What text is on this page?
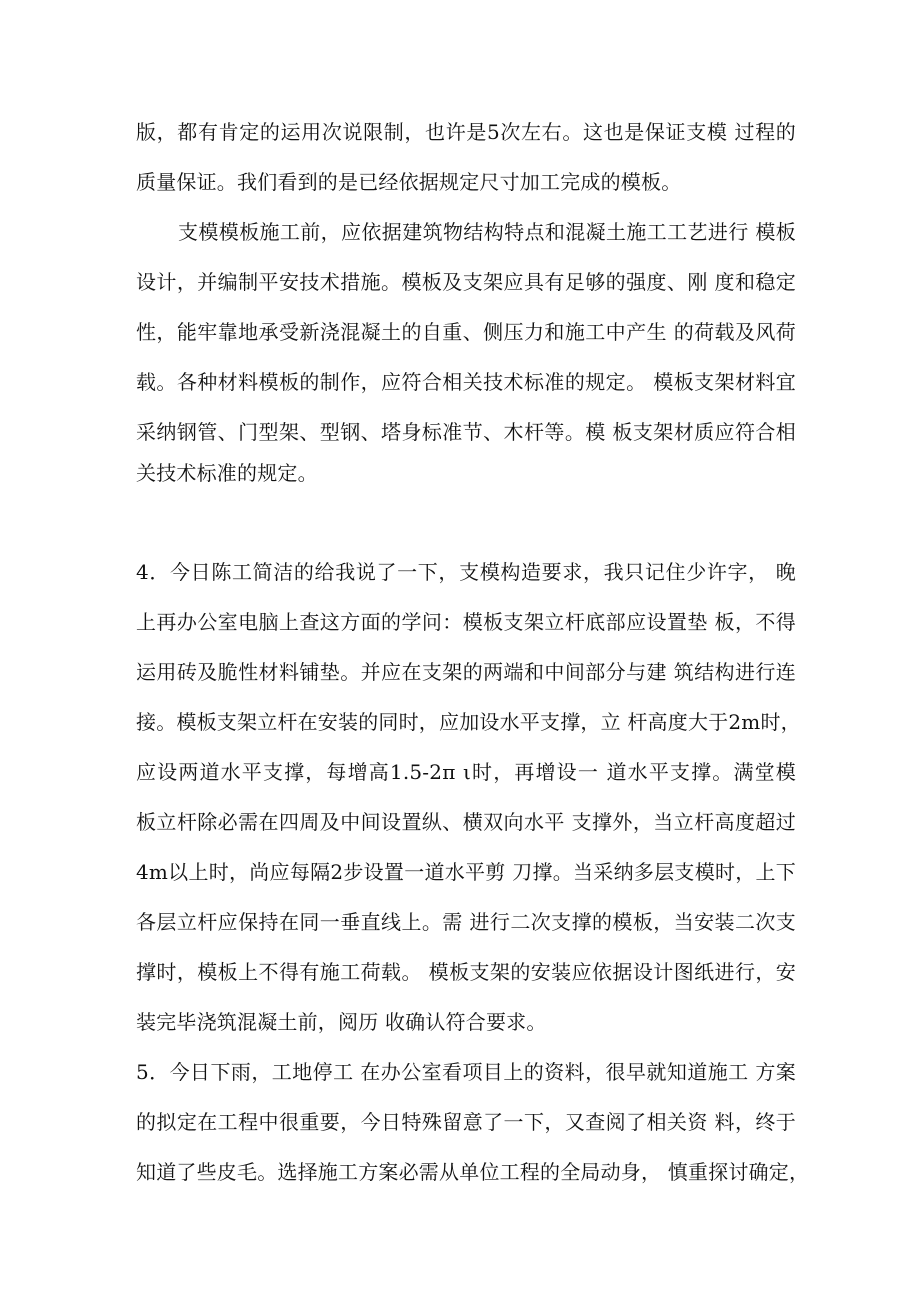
版，都有肯定的运用次说限制，也许是5次左右。这也是保证支模 过程的
质量保证。我们看到的是已经依据规定尺寸加工完成的模板。
支模模板施工前，应依据建筑物结构特点和混凝土施工工艺进行 模板
设计，并编制平安技术措施。模板及支架应具有足够的强度、刚 度和稳定
性，能牢靠地承受新浇混凝土的自重、侧压力和施工中产生 的荷载及风荷
载。各种材料模板的制作，应符合相关技术标准的规定。 模板支架材料宜
采纳钢管、门型架、型钢、塔身标准节、木杆等。模 板支架材质应符合相
关技术标准的规定。
4．今日陈工简洁的给我说了一下，支模构造要求，我只记住少许字， 晚
上再办公室电脑上查这方面的学问：模板支架立杆底部应设置垫 板，不得
运用砖及脆性材料铺垫。并应在支架的两端和中间部分与建 筑结构进行连
接。模板支架立杆在安装的同时，应加设水平支撑，立 杆高度大于2m时，
应设两道水平支撑，每增高1.5-2π ι时，再增设一 道水平支撑。满堂模
板立杆除必需在四周及中间设置纵、横双向水平 支撑外，当立杆高度超过
4m以上时，尚应每隔2步设置一道水平剪 刀撑。当采纳多层支模时，上下
各层立杆应保持在同一垂直线上。需 进行二次支撑的模板，当安装二次支
撑时，模板上不得有施工荷载。 模板支架的安装应依据设计图纸进行，安
装完毕浇筑混凝土前，阅历 收确认符合要求。
5．今日下雨，工地停工 在办公室看项目上的资料，很早就知道施工 方案
的拟定在工程中很重要，今日特殊留意了一下，又查阅了相关资 料，终于
知道了些皮毛。选择施工方案必需从单位工程的全局动身， 慎重探讨确定，
